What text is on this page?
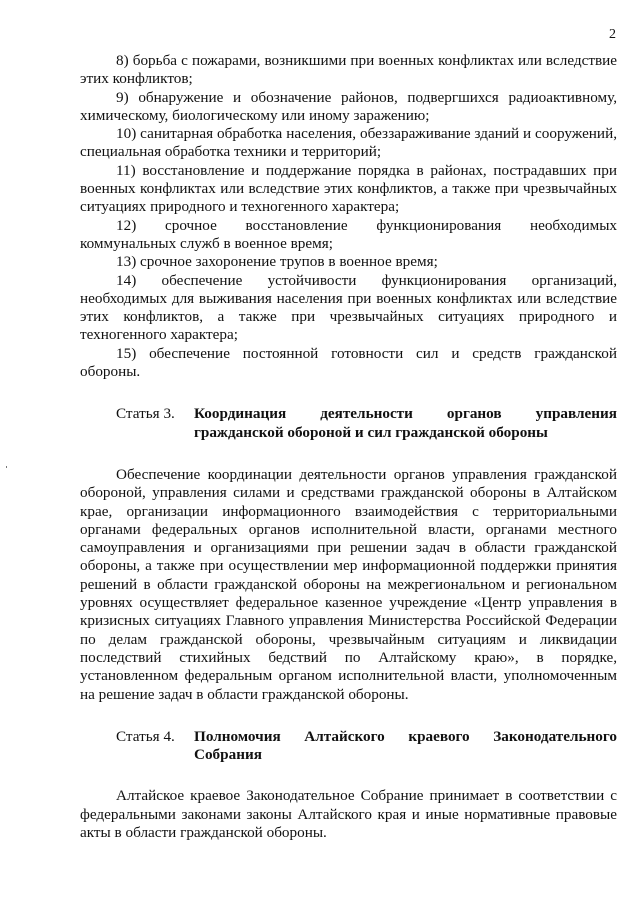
2

8) борьба с пожарами, возникшими при военных конфликтах или вследствие этих конфликтов;

9) обнаружение и обозначение районов, подвергшихся радиоактивному, химическому, биологическому или иному заражению;

10) санитарная обработка населения, обеззараживание зданий и сооружений, специальная обработка техники и территорий;

11) восстановление и поддержание порядка в районах, пострадавших при военных конфликтах или вследствие этих конфликтов, а также при чрезвычайных ситуациях природного и техногенного характера;

12) срочное восстановление функционирования необходимых коммунальных служб в военное время;

13) срочное захоронение трупов в военное время;

14) обеспечение устойчивости функционирования организаций, необходимых для выживания населения при военных конфликтах или вследствие этих конфликтов, а также при чрезвычайных ситуациях природного и техногенного характера;

15) обеспечение постоянной готовности сил и средств гражданской обороны.

Статья 3.	Координация деятельности органов управления гражданской обороной и сил гражданской обороны

Обеспечение координации деятельности органов управления гражданской обороной, управления силами и средствами гражданской обороны в Алтайском крае, организации информационного взаимодействия с территориальными органами федеральных органов исполнительной власти, органами местного самоуправления и организациями при решении задач в области гражданской обороны, а также при осуществлении мер информационной поддержки принятия решений в области гражданской обороны на межрегиональном и региональном уровнях осуществляет федеральное казенное учреждение «Центр управления в кризисных ситуациях Главного управления Министерства Российской Федерации по делам гражданской обороны, чрезвычайным ситуациям и ликвидации последствий стихийных бедствий по Алтайскому краю», в порядке, установленном федеральным органом исполнительной власти, уполномоченным на решение задач в области гражданской обороны.

Статья 4.	Полномочия Алтайского краевого Законодательного Собрания

Алтайское краевое Законодательное Собрание принимает в соответствии с федеральными законами законы Алтайского края и иные нормативные правовые акты в области гражданской обороны.
